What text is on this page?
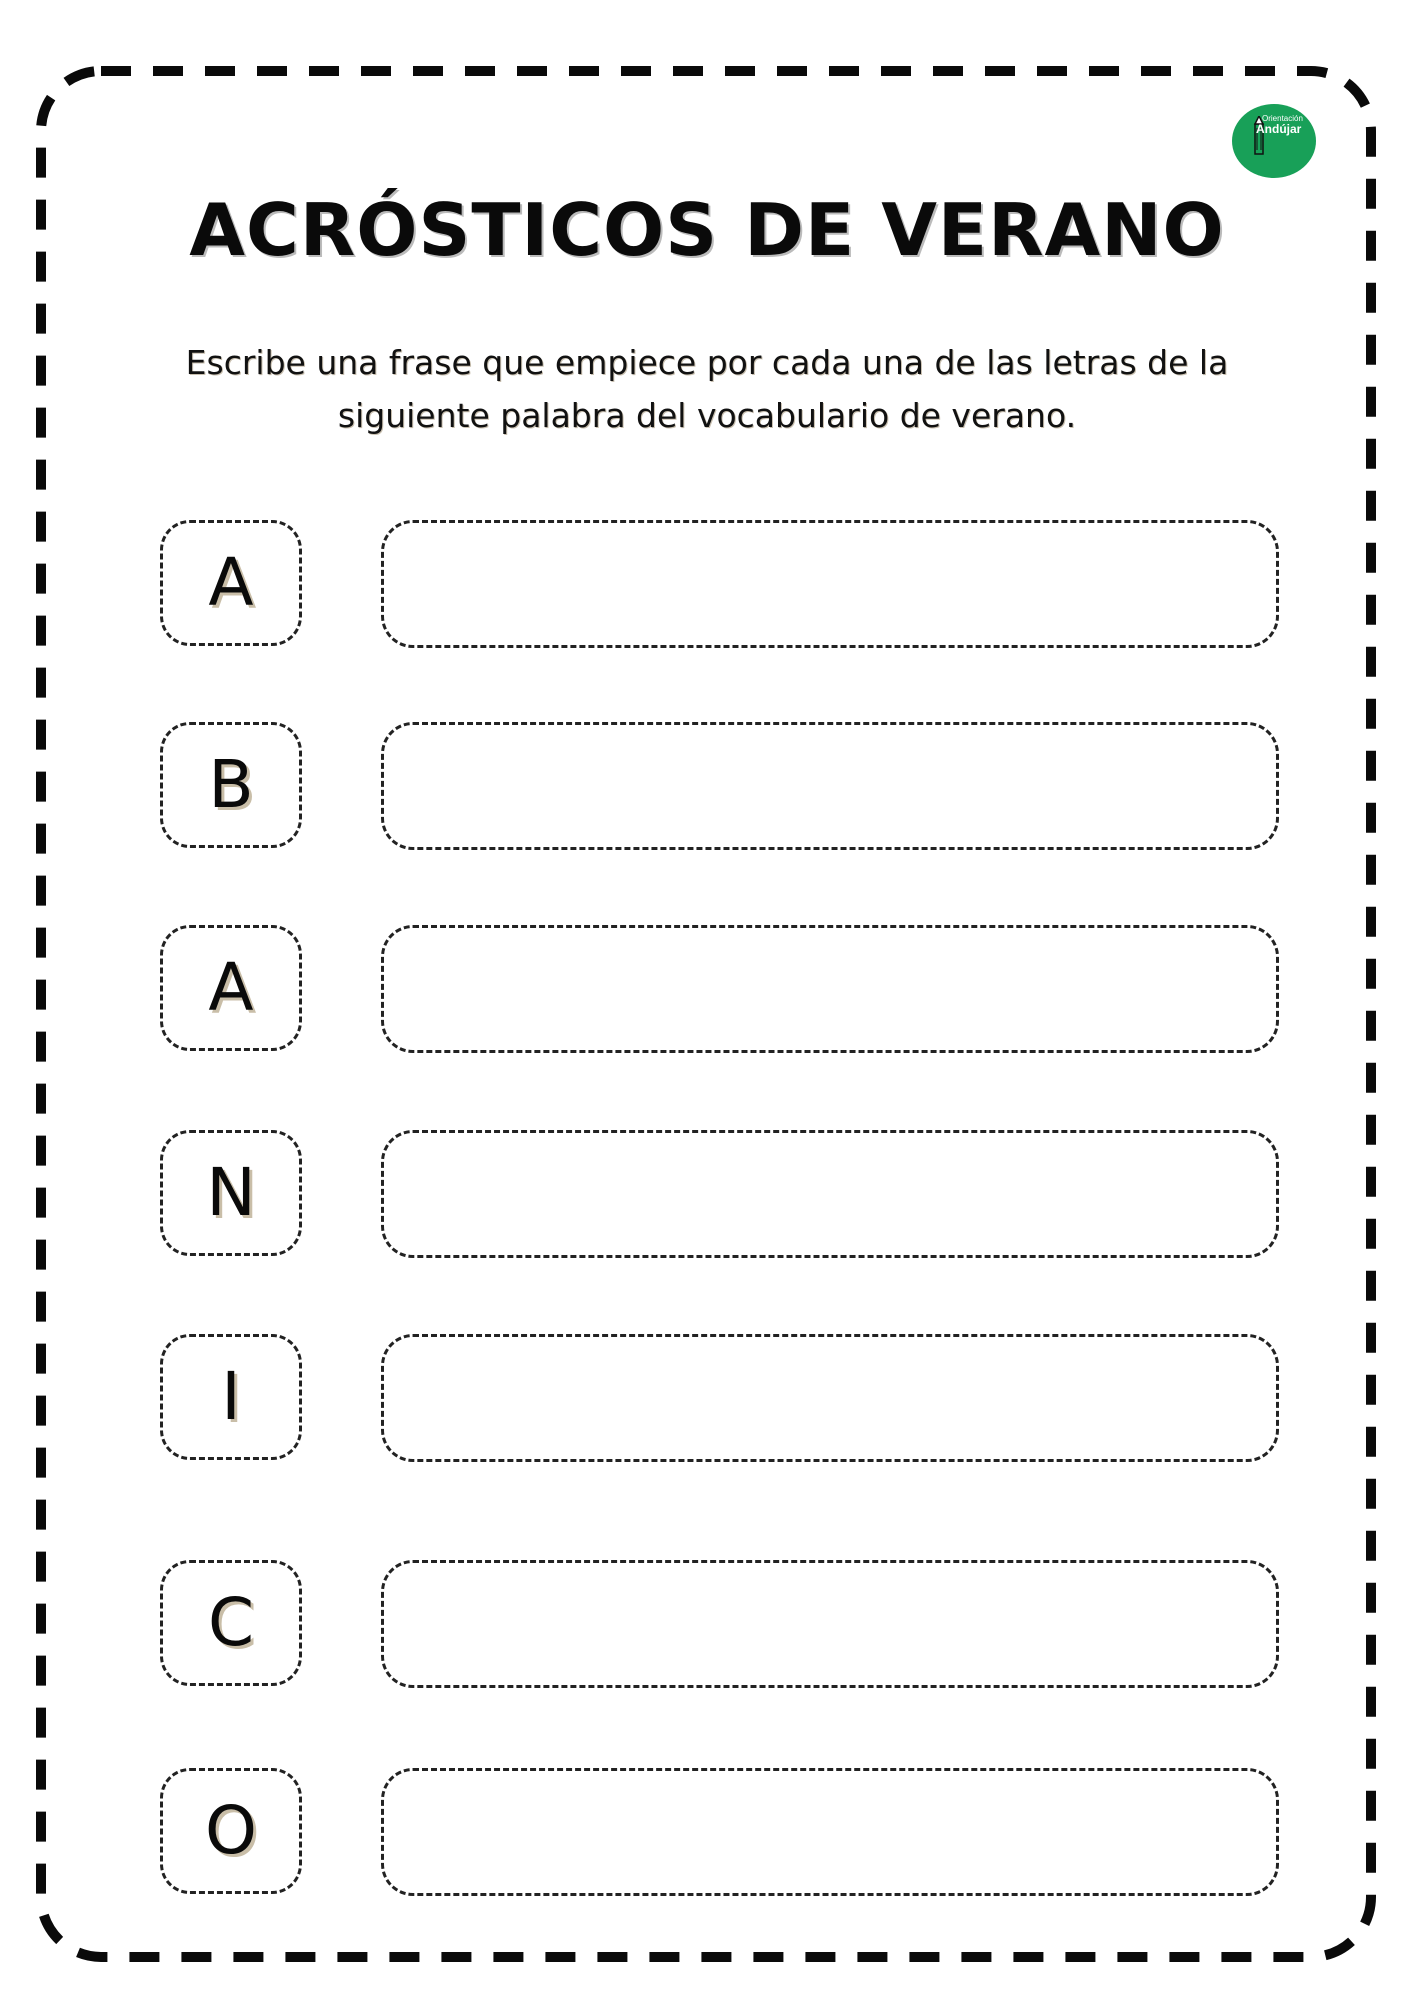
Orientación
Andújar
ACRÓSTICOS DE VERANO
Escribe una frase que empiece por cada una de las letras de la siguiente palabra del vocabulario de verano.
A
B
A
N
I
C
O
